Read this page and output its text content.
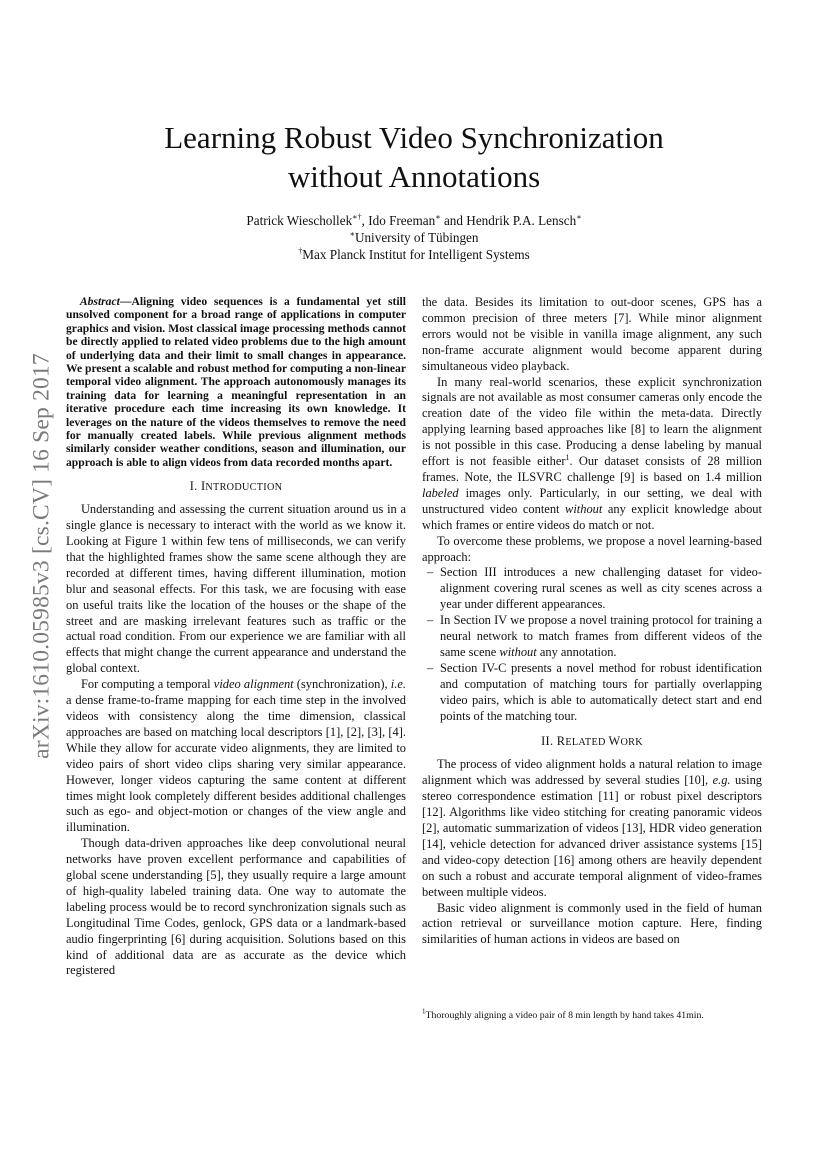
arXiv:1610.05985v3 [cs.CV] 16 Sep 2017
Learning Robust Video Synchronization
without Annotations
Patrick Wieschollek∗†, Ido Freeman∗ and Hendrik P.A. Lensch∗
∗University of Tübingen
†Max Planck Institut for Intelligent Systems

Abstract—Aligning video sequences is a fundamental yet still unsolved component for a broad range of applications in computer graphics and vision. Most classical image processing methods cannot be directly applied to related video problems due to the high amount of underlying data and their limit to small changes in appearance. We present a scalable and robust method for computing a non-linear temporal video alignment. The approach autonomously manages its training data for learning a meaningful representation in an iterative procedure each time increasing its own knowledge. It leverages on the nature of the videos themselves to remove the need for manually created labels. While previous alignment methods similarly consider weather conditions, season and illumination, our approach is able to align videos from data recorded months apart.

I. INTRODUCTION

Understanding and assessing the current situation around us in a single glance is necessary to interact with the world as we know it. Looking at Figure 1 within few tens of milliseconds, we can verify that the highlighted frames show the same scene although they are recorded at different times, having different illumination, motion blur and seasonal effects. For this task, we are focusing with ease on useful traits like the location of the houses or the shape of the street and are masking irrelevant features such as traffic or the actual road condition. From our experience we are familiar with all effects that might change the current appearance and understand the global context.

For computing a temporal video alignment (synchronization), i.e. a dense frame-to-frame mapping for each time step in the involved videos with consistency along the time dimension, classical approaches are based on matching local descriptors [1], [2], [3], [4]. While they allow for accurate video alignments, they are limited to video pairs of short video clips sharing very similar appearance. However, longer videos capturing the same content at different times might look completely different besides additional challenges such as ego- and object-motion or changes of the view angle and illumination.

Though data-driven approaches like deep convolutional neural networks have proven excellent performance and capabilities of global scene understanding [5], they usually require a large amount of high-quality labeled training data. One way to automate the labeling process would be to record synchronization signals such as Longitudinal Time Codes, genlock, GPS data or a landmark-based audio fingerprinting [6] during acquisition. Solutions based on this kind of additional data are as accurate as the device which registered

the data. Besides its limitation to out-door scenes, GPS has a common precision of three meters [7]. While minor alignment errors would not be visible in vanilla image alignment, any such non-frame accurate alignment would become apparent during simultaneous video playback.

In many real-world scenarios, these explicit synchronization signals are not available as most consumer cameras only encode the creation date of the video file within the meta-data. Directly applying learning based approaches like [8] to learn the alignment is not possible in this case. Producing a dense labeling by manual effort is not feasible either$^1$. Our dataset consists of 28 million frames. Note, the ILSVRC challenge [9] is based on 1.4 million labeled images only. Particularly, in our setting, we deal with unstructured video content without any explicit knowledge about which frames or entire videos do match or not.

To overcome these problems, we propose a novel learning-based approach:

– Section III introduces a new challenging dataset for video-alignment covering rural scenes as well as city scenes across a year under different appearances.
– In Section IV we propose a novel training protocol for training a neural network to match frames from different videos of the same scene without any annotation.
– Section IV-C presents a novel method for robust identification and computation of matching tours for partially overlapping video pairs, which is able to automatically detect start and end points of the matching tour.
II. RELATED WORK

The process of video alignment holds a natural relation to image alignment which was addressed by several studies [10], e.g. using stereo correspondence estimation [11] or robust pixel descriptors [12]. Algorithms like video stitching for creating panoramic videos [2], automatic summarization of videos [13], HDR video generation [14], vehicle detection for advanced driver assistance systems [15] and video-copy detection [16] among others are heavily dependent on such a robust and accurate temporal alignment of video-frames between multiple videos.

Basic video alignment is commonly used in the field of human action retrieval or surveillance motion capture. Here, finding similarities of human actions in videos are based on

$^1$Thoroughly aligning a video pair of 8 min length by hand takes 41min.
